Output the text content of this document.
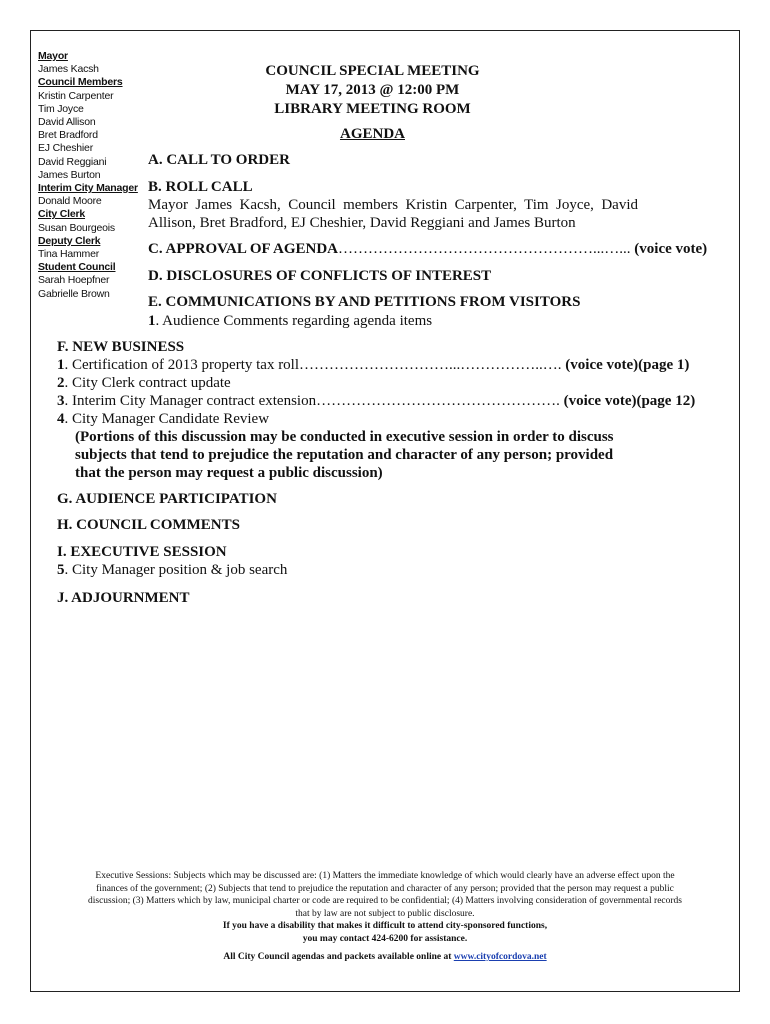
Mayor
James Kacsh
Council Members
Kristin Carpenter
Tim Joyce
David Allison
Bret Bradford
EJ Cheshier
David Reggiani
James Burton
Interim City Manager
Donald Moore
City Clerk
Susan Bourgeois
Deputy Clerk
Tina Hammer
Student Council
Sarah Hoepfner
Gabrielle Brown
COUNCIL SPECIAL MEETING
MAY 17, 2013 @ 12:00 PM
LIBRARY MEETING ROOM
AGENDA
A. CALL TO ORDER
B. ROLL CALL
Mayor James Kacsh, Council members Kristin Carpenter, Tim Joyce, David
Allison, Bret Bradford, EJ Cheshier, David Reggiani and James Burton
C. APPROVAL OF AGENDA……………………………………………...…... (voice vote)
D. DISCLOSURES OF CONFLICTS OF INTEREST
E. COMMUNICATIONS BY AND PETITIONS FROM VISITORS
1. Audience Comments regarding agenda items
F. NEW BUSINESS
1. Certification of 2013 property tax roll…………………………...……………..…. (voice vote)(page 1)
2. City Clerk contract update
3. Interim City Manager contract extension…………………………………………. (voice vote)(page 12)
4. City Manager Candidate Review
(Portions of this discussion may be conducted in executive session in order to discuss
subjects that tend to prejudice the reputation and character of any person; provided
that the person may request a public discussion)
G. AUDIENCE PARTICIPATION
H. COUNCIL COMMENTS
I. EXECUTIVE SESSION
5. City Manager position & job search
J. ADJOURNMENT
Executive Sessions: Subjects which may be discussed are: (1) Matters the immediate knowledge of which would clearly have an adverse effect upon the
finances of the government; (2) Subjects that tend to prejudice the reputation and character of any person; provided that the person may request a public
discussion; (3) Matters which by law, municipal charter or code are required to be confidential; (4) Matters involving consideration of governmental records
that by law are not subject to public disclosure.
If you have a disability that makes it difficult to attend city-sponsored functions,
you may contact 424-6200 for assistance.
All City Council agendas and packets available online at www.cityofcordova.net
